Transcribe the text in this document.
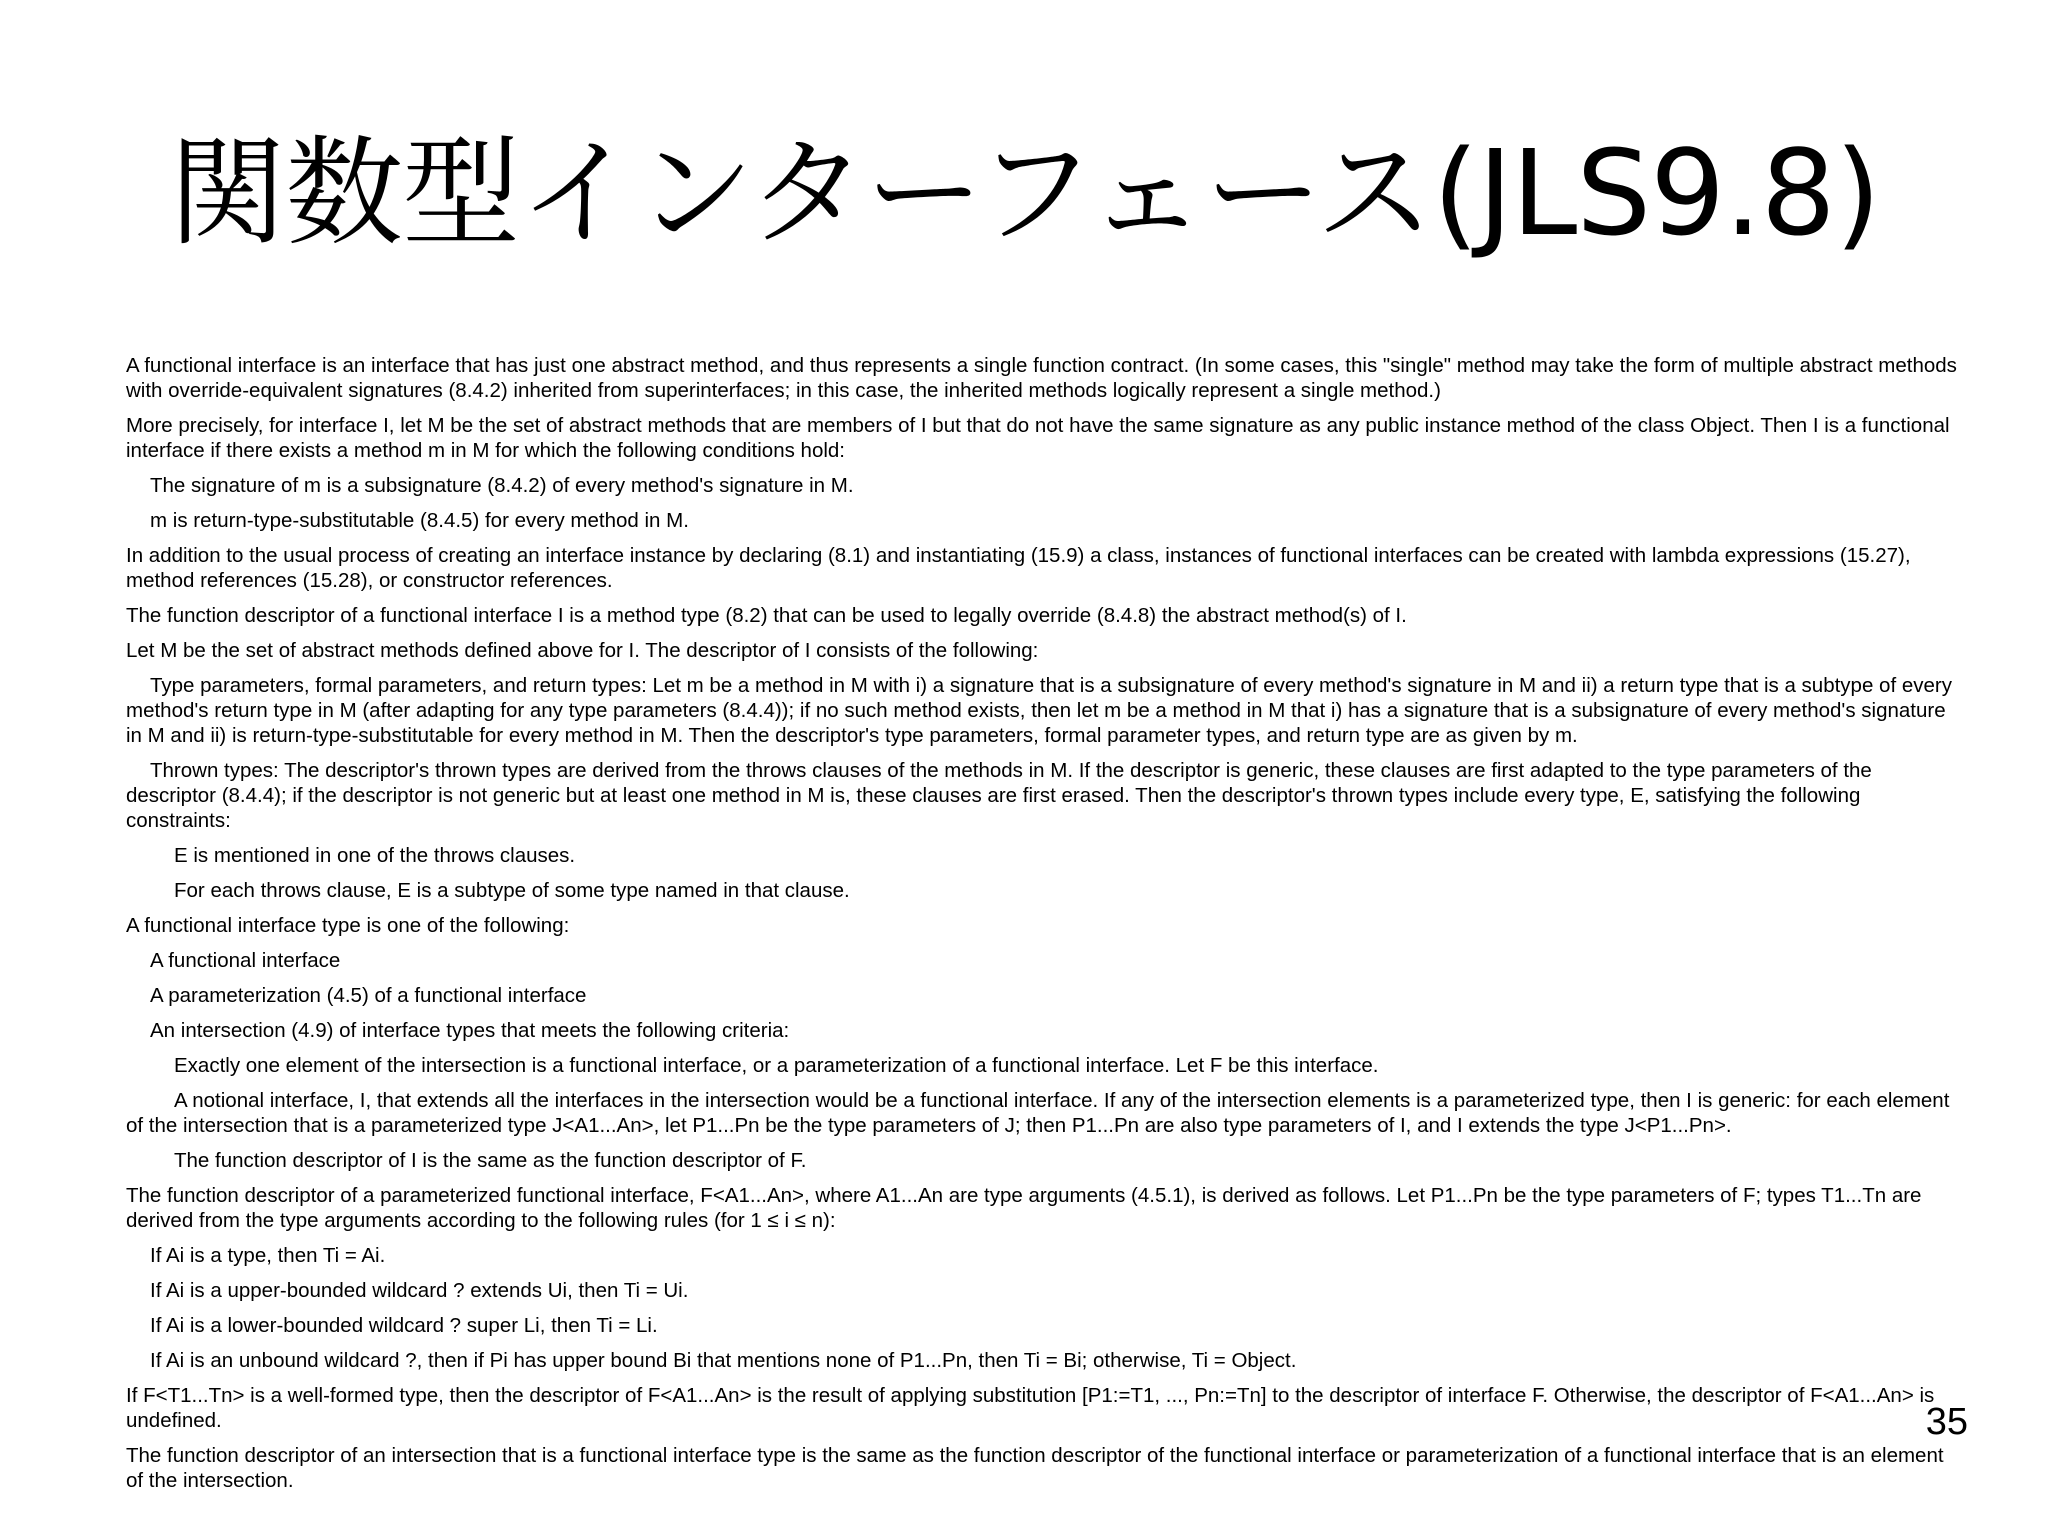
関数型インターフェース(JLS9.8)

A functional interface is an interface that has just one abstract method, and thus represents a single function contract. (In some cases, this "single" method may take the form of multiple abstract methods with override-equivalent signatures (8.4.2) inherited from superinterfaces; in this case, the inherited methods logically represent a single method.)

More precisely, for interface I, let M be the set of abstract methods that are members of I but that do not have the same signature as any public instance method of the class Object. Then I is a functional interface if there exists a method m in M for which the following conditions hold:

The signature of m is a subsignature (8.4.2) of every method's signature in M.

m is return-type-substitutable (8.4.5) for every method in M.

In addition to the usual process of creating an interface instance by declaring (8.1) and instantiating (15.9) a class, instances of functional interfaces can be created with lambda expressions (15.27), method references (15.28), or constructor references.

The function descriptor of a functional interface I is a method type (8.2) that can be used to legally override (8.4.8) the abstract method(s) of I.

Let M be the set of abstract methods defined above for I. The descriptor of I consists of the following:

Type parameters, formal parameters, and return types: Let m be a method in M with i) a signature that is a subsignature of every method's signature in M and ii) a return type that is a subtype of every method's return type in M (after adapting for any type parameters (8.4.4)); if no such method exists, then let m be a method in M that i) has a signature that is a subsignature of every method's signature in M and ii) is return-type-substitutable for every method in M. Then the descriptor's type parameters, formal parameter types, and return type are as given by m.

Thrown types: The descriptor's thrown types are derived from the throws clauses of the methods in M. If the descriptor is generic, these clauses are first adapted to the type parameters of the descriptor (8.4.4); if the descriptor is not generic but at least one method in M is, these clauses are first erased. Then the descriptor's thrown types include every type, E, satisfying the following constraints:

E is mentioned in one of the throws clauses.

For each throws clause, E is a subtype of some type named in that clause.

A functional interface type is one of the following:

A functional interface

A parameterization (4.5) of a functional interface

An intersection (4.9) of interface types that meets the following criteria:

Exactly one element of the intersection is a functional interface, or a parameterization of a functional interface. Let F be this interface.

A notional interface, I, that extends all the interfaces in the intersection would be a functional interface. If any of the intersection elements is a parameterized type, then I is generic: for each element of the intersection that is a parameterized type J<A1...An>, let P1...Pn be the type parameters of J; then P1...Pn are also type parameters of I, and I extends the type J<P1...Pn>.

The function descriptor of I is the same as the function descriptor of F.

The function descriptor of a parameterized functional interface, F<A1...An>, where A1...An are type arguments (4.5.1), is derived as follows. Let P1...Pn be the type parameters of F; types T1...Tn are derived from the type arguments according to the following rules (for 1 ≤ i ≤ n):

If Ai is a type, then Ti = Ai.

If Ai is a upper-bounded wildcard ? extends Ui, then Ti = Ui.

If Ai is a lower-bounded wildcard ? super Li, then Ti = Li.

If Ai is an unbound wildcard ?, then if Pi has upper bound Bi that mentions none of P1...Pn, then Ti = Bi; otherwise, Ti = Object.

If F<T1...Tn> is a well-formed type, then the descriptor of F<A1...An> is the result of applying substitution [P1:=T1, ..., Pn:=Tn] to the descriptor of interface F. Otherwise, the descriptor of F<A1...An> is undefined.

The function descriptor of an intersection that is a functional interface type is the same as the function descriptor of the functional interface or parameterization of a functional interface that is an element of the intersection.

35
